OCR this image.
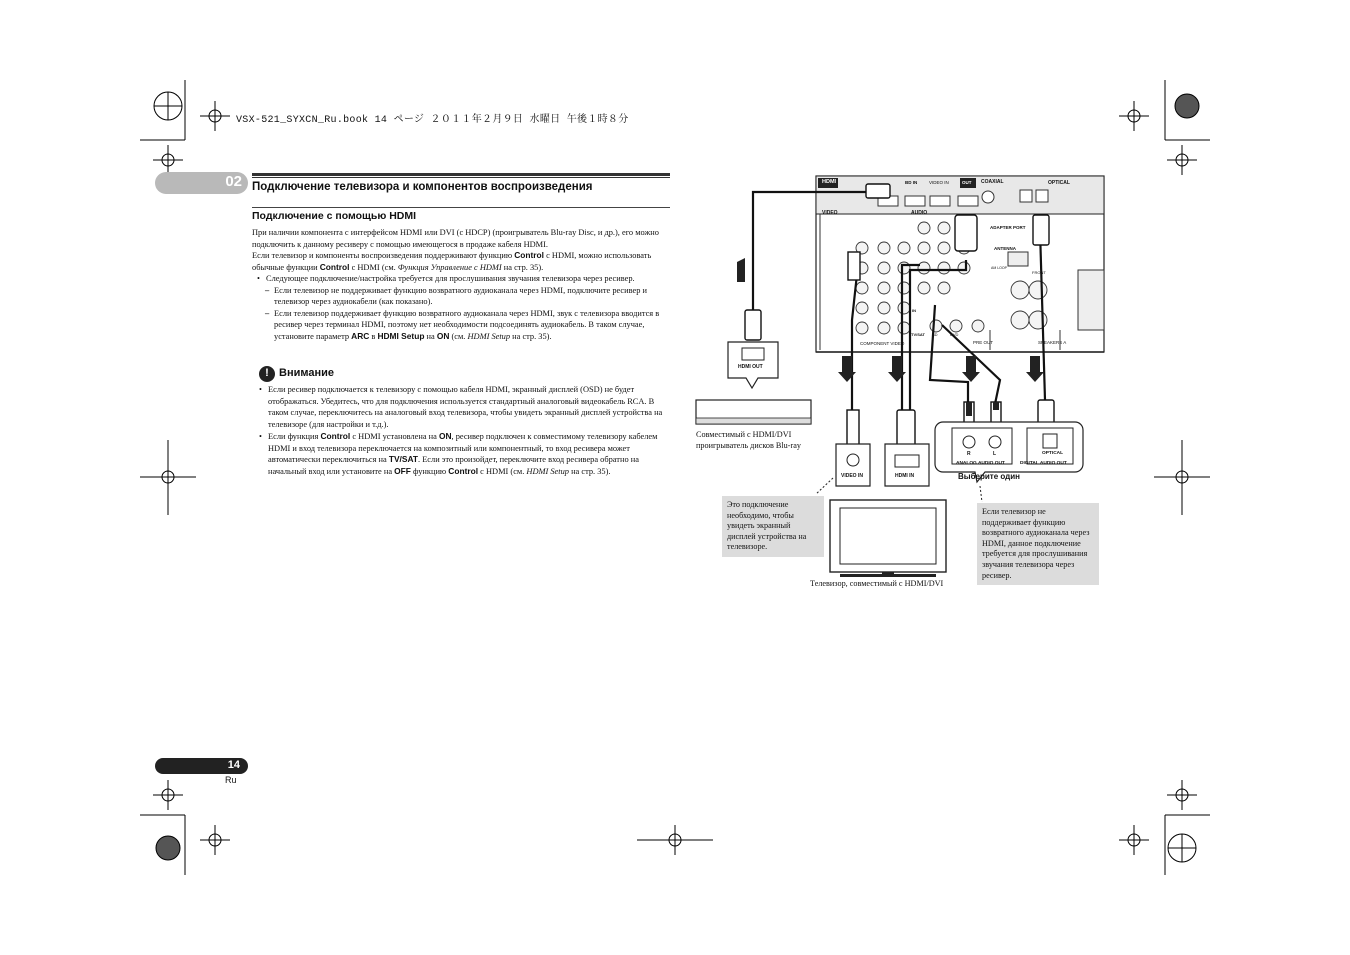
VSX-521_SYXCN_Ru.book 14 ページ ２０１１年２月９日 水曜日 午後１時８分
02 Подключение телевизора и компонентов воспроизведения
Подключение с помощью HDMI

При наличии компонента с интерфейсом HDMI или DVI (с HDCP) (проигрыватель Blu-ray Disc, и др.), его можно подключить к данному ресиверу с помощью имеющегося в продаже кабеля HDMI.

Если телевизор и компоненты воспроизведения поддерживают функцию Control с HDMI, можно использовать обычные функции Control с HDMI (см. Функция Управление с HDMI на стр. 35).

• Следующее подключение/настройка требуется для прослушивания звучания телевизора через ресивер.
– Если телевизор не поддерживает функцию возвратного аудиоканала через HDMI, подключите ресивер и телевизор через аудиокабели (как показано).
– Если телевизор поддерживает функцию возвратного аудиоканала через HDMI, звук с телевизора вводится в ресивер через терминал HDMI, поэтому нет необходимости подсоединять аудиокабель. В таком случае, установите параметр ARC в HDMI Setup на ON (см. HDMI Setup на стр. 35).
! Внимание
• Если ресивер подключается к телевизору с помощью кабеля HDMI, экранный дисплей (OSD) не будет отображаться. Убедитесь, что для подключения используется стандартный аналоговый видеокабель RCA. В таком случае, переключитесь на аналоговый вход телевизора, чтобы увидеть экранный дисплей устройства на телевизоре (для настройки и т.д.).
• Если функция Control с HDMI установлена на ON, ресивер подключен к совместимому телевизору кабелем HDMI и вход телевизора переключается на композитный или компонентный, то вход ресивера может автоматически переключиться на TV/SAT. Если это произойдет, переключите вход ресивера обратно на начальный вход или установите на OFF функцию Control с HDMI (см. HDMI Setup на стр. 35).
14
Ru
HDMI	BD IN	VIDEO IN	OUT COAXIAL	OPTICAL
VIDEO	AUDIO
ADAPTER PORT
ANTENNA
AM LOOP
FRONT
IN
TV/SAT BD	DVD
PRE OUT	SPEAKERS A
COMPONENT VIDEO
HDMI OUT
Совместимый с HDMI/DVI проигрыватель дисков Blu-ray
VIDEO IN	HDMI IN
R	L
ANALOG AUDIO OUT
OPTICAL
DIGITAL AUDIO OUT
Выберите один
Это подключение необходимо, чтобы увидеть экранный дисплей устройства на телевизоре.
Если телевизор не поддерживает функцию возвратного аудиоканала через HDMI, данное подключение требуется для прослушивания звучания телевизора через ресивер.
Телевизор, совместимый с HDMI/DVI
